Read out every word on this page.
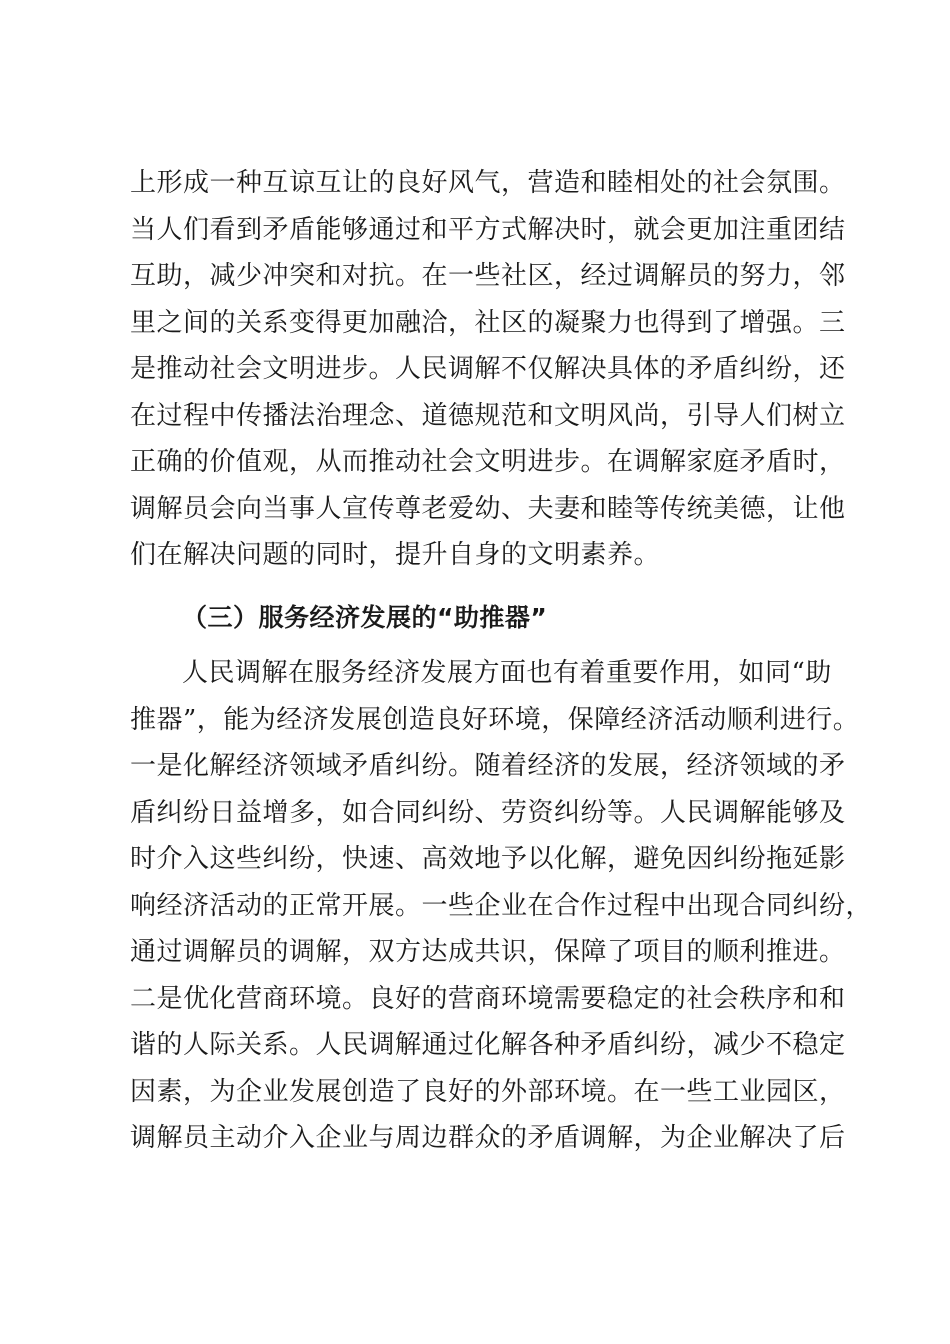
上形成一种互谅互让的良好风气，营造和睦相处的社会氛围。
当人们看到矛盾能够通过和平方式解决时，就会更加注重团结
互助，减少冲突和对抗。在一些社区，经过调解员的努力，邻
里之间的关系变得更加融洽，社区的凝聚力也得到了增强。三
是推动社会文明进步。人民调解不仅解决具体的矛盾纠纷，还
在过程中传播法治理念、道德规范和文明风尚，引导人们树立
正确的价值观，从而推动社会文明进步。在调解家庭矛盾时，
调解员会向当事人宣传尊老爱幼、夫妻和睦等传统美德，让他
们在解决问题的同时，提升自身的文明素养。
（三）服务经济发展的“助推器”
人民调解在服务经济发展方面也有着重要作用，如同“助
推器”，能为经济发展创造良好环境，保障经济活动顺利进行。
一是化解经济领域矛盾纠纷。随着经济的发展，经济领域的矛
盾纠纷日益增多，如合同纠纷、劳资纠纷等。人民调解能够及
时介入这些纠纷，快速、高效地予以化解，避免因纠纷拖延影
响经济活动的正常开展。一些企业在合作过程中出现合同纠纷，
通过调解员的调解，双方达成共识，保障了项目的顺利推进。
二是优化营商环境。良好的营商环境需要稳定的社会秩序和和
谐的人际关系。人民调解通过化解各种矛盾纠纷，减少不稳定
因素，为企业发展创造了良好的外部环境。在一些工业园区，
调解员主动介入企业与周边群众的矛盾调解，为企业解决了后
